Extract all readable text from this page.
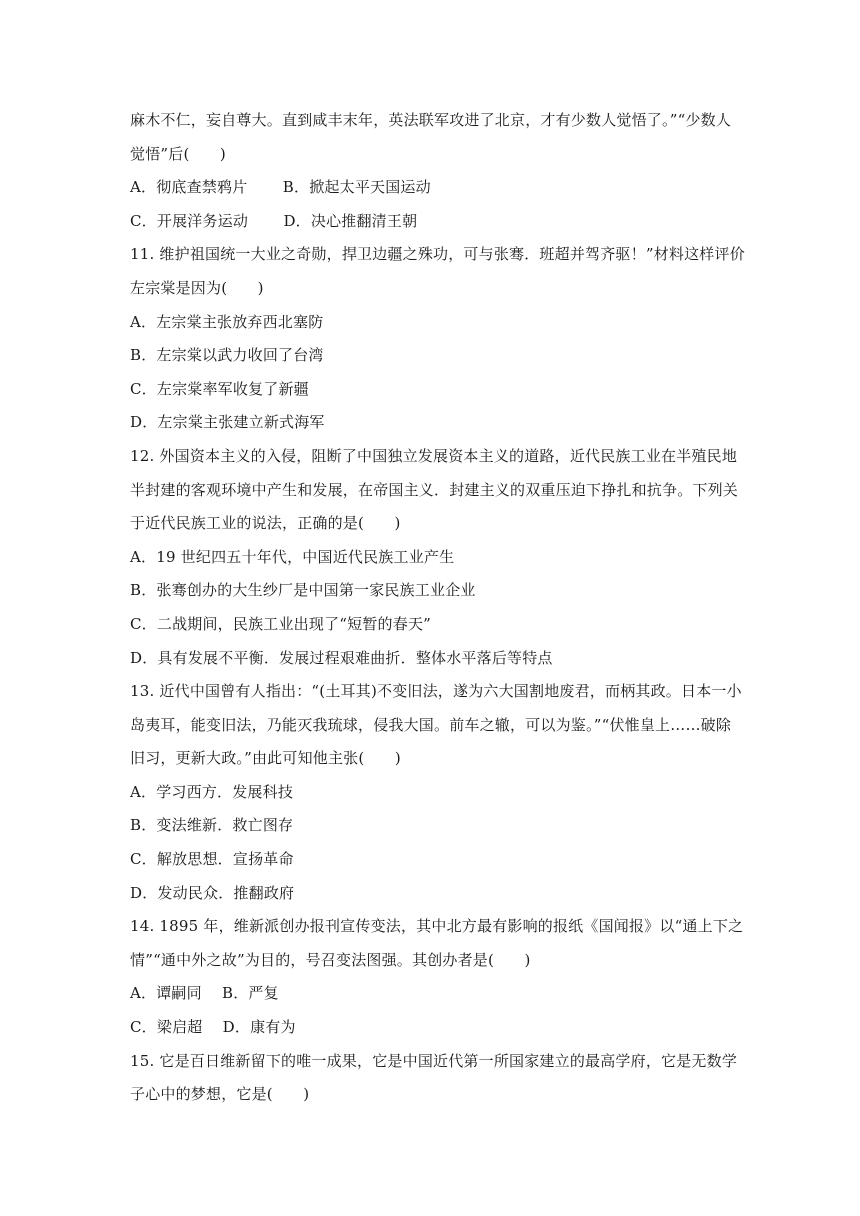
麻木不仁，妄自尊大。直到咸丰末年，英法联军攻进了北京，才有少数人觉悟了。”“少数人
觉悟”后(　　)
A．彻底查禁鸦片　　 B．掀起太平天国运动
C．开展洋务运动　　 D．决心推翻清王朝
11. 维护祖国统一大业之奇勋，捍卫边疆之殊功，可与张骞．班超并驾齐驱！”材料这样评价
左宗棠是因为(　　)
A．左宗棠主张放弃西北塞防
B．左宗棠以武力收回了台湾
C．左宗棠率军收复了新疆
D．左宗棠主张建立新式海军
12. 外国资本主义的入侵，阻断了中国独立发展资本主义的道路，近代民族工业在半殖民地
半封建的客观环境中产生和发展，在帝国主义．封建主义的双重压迫下挣扎和抗争。下列关
于近代民族工业的说法，正确的是(　　)
A．19 世纪四五十年代，中国近代民族工业产生
B．张骞创办的大生纱厂是中国第一家民族工业企业
C．二战期间，民族工业出现了“短暂的春天”
D．具有发展不平衡．发展过程艰难曲折．整体水平落后等特点
13. 近代中国曾有人指出：“(土耳其)不变旧法，遂为六大国割地废君，而柄其政。日本一小
岛夷耳，能变旧法，乃能灭我琉球，侵我大国。前车之辙，可以为鉴。”“伏惟皇上……破除
旧习，更新大政。”由此可知他主张(　　)
A．学习西方．发展科技
B．变法维新．救亡图存
C．解放思想．宣扬革命
D．发动民众．推翻政府
14. 1895 年，维新派创办报刊宣传变法，其中北方最有影响的报纸《国闻报》以“通上下之
情”“通中外之故”为目的，号召变法图强。其创办者是(　　)
A．谭嗣同　 B．严复
C．梁启超　 D．康有为
15. 它是百日维新留下的唯一成果，它是中国近代第一所国家建立的最高学府，它是无数学
子心中的梦想，它是(　　)
